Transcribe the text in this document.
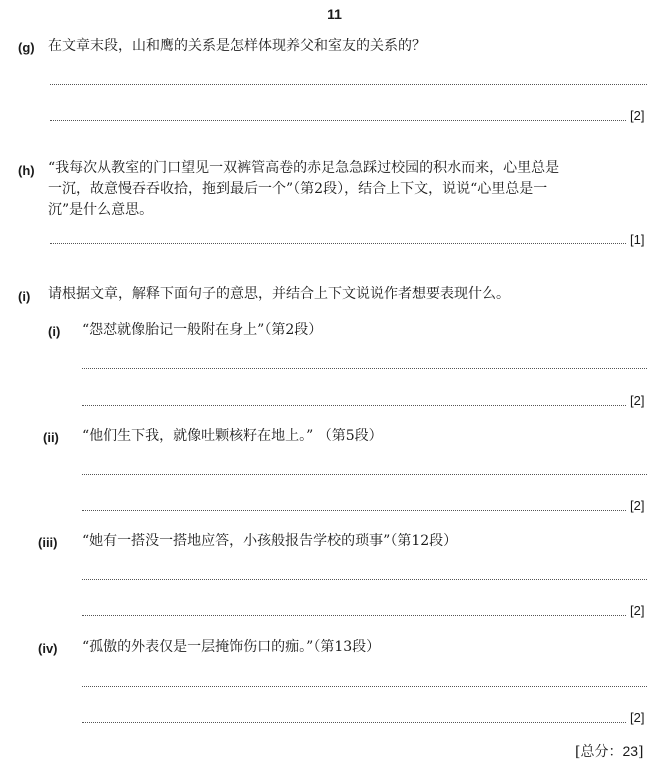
11
(g) 在文章末段，山和鹰的关系是怎样体现养父和室友的关系的？
[2]
(h) “我每次从教室的门口望见一双裤管高卷的赤足急急踩过校园的积水而来，心里总是
一沉，故意慢吞吞收拾，拖到最后一个”（第2段），结合上下文，说说“心里总是一
沉”是什么意思。
[1]
(i) 请根据文章，解释下面句子的意思，并结合上下文说说作者想要表现什么。
(i) “怨怼就像胎记一般附在身上”（第2段）
[2]
(ii) “他们生下我，就像吐颗核籽在地上。” （第5段）
[2]
(iii) “她有一搭没一搭地应答，小孩般报告学校的琐事”（第12段）
[2]
(iv) “孤傲的外表仅是一层掩饰伤口的痂。”（第13段）
[2]
[总分：23]
